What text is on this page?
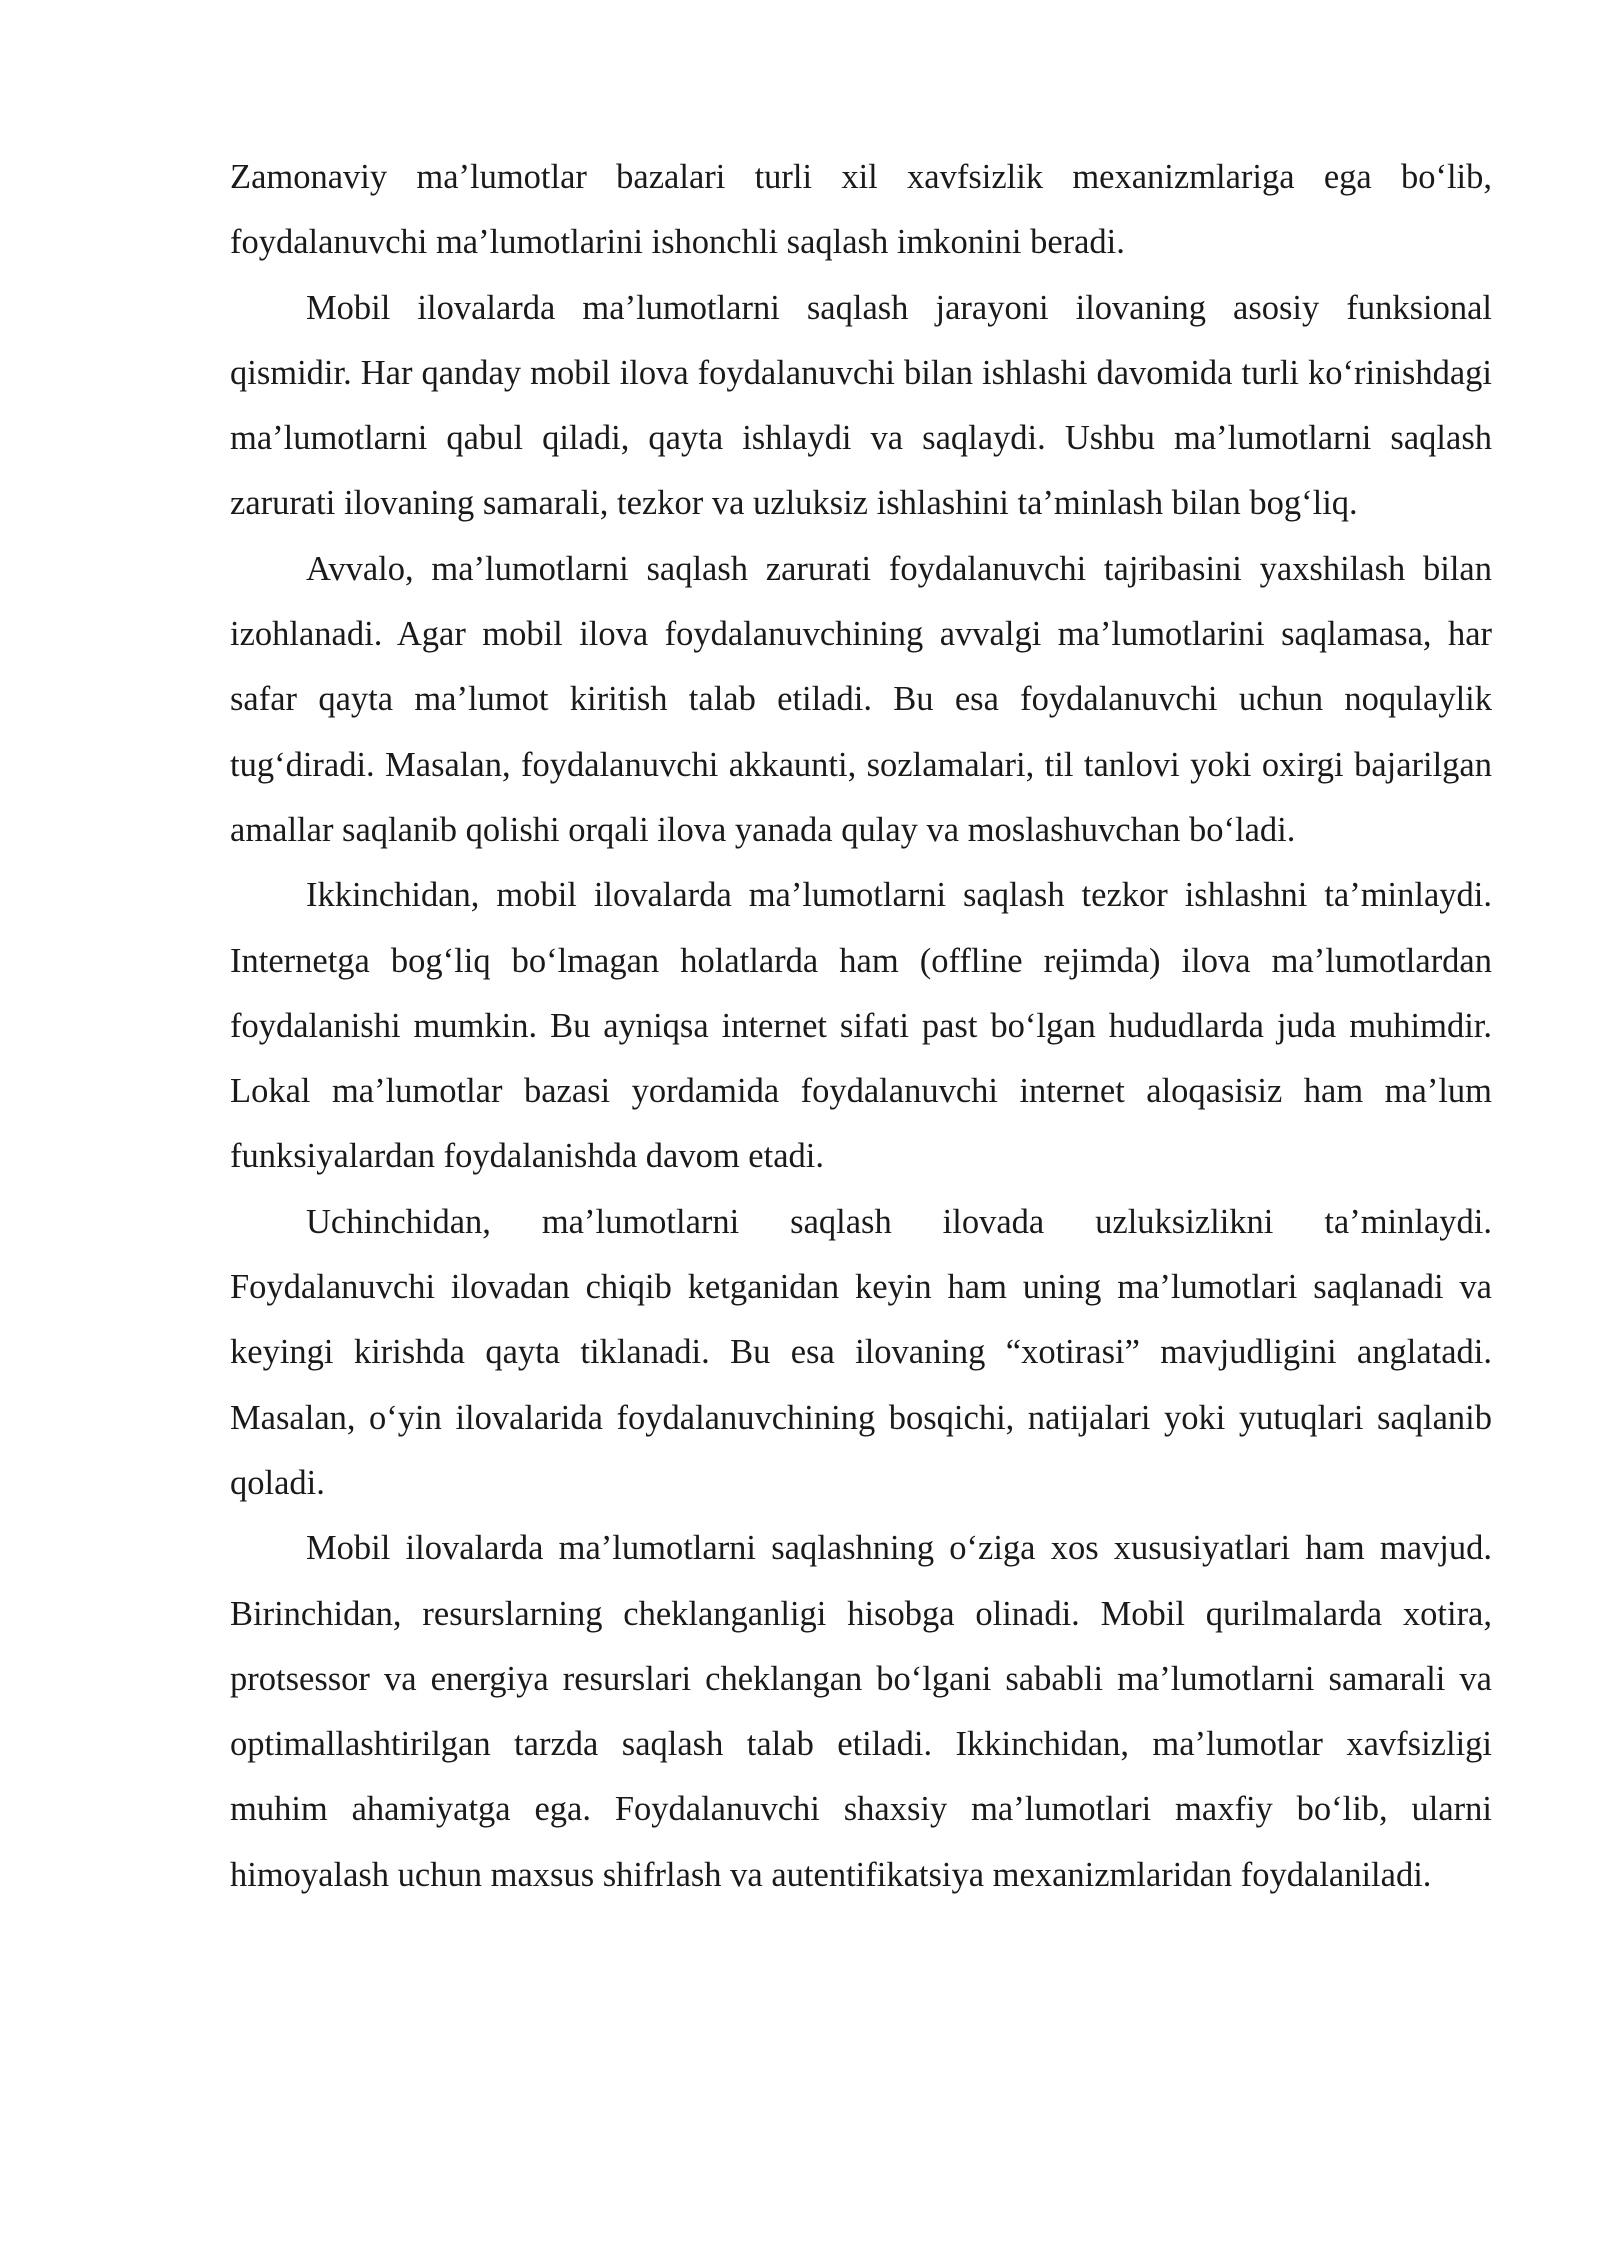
Zamonaviy ma’lumotlar bazalari turli xil xavfsizlik mexanizmlariga ega bo‘lib, foydalanuvchi ma’lumotlarini ishonchli saqlash imkonini beradi.

Mobil ilovalarda ma’lumotlarni saqlash jarayoni ilovaning asosiy funksional qismidir. Har qanday mobil ilova foydalanuvchi bilan ishlashi davomida turli ko‘rinishdagi ma’lumotlarni qabul qiladi, qayta ishlaydi va saqlaydi. Ushbu ma’lumotlarni saqlash zarurati ilovaning samarali, tezkor va uzluksiz ishlashini ta’minlash bilan bog‘liq.

Avvalo, ma’lumotlarni saqlash zarurati foydalanuvchi tajribasini yaxshilash bilan izohlanadi. Agar mobil ilova foydalanuvchining avvalgi ma’lumotlarini saqlamasa, har safar qayta ma’lumot kiritish talab etiladi. Bu esa foydalanuvchi uchun noqulaylik tug‘diradi. Masalan, foydalanuvchi akkaunti, sozlamalari, til tanlovi yoki oxirgi bajarilgan amallar saqlanib qolishi orqali ilova yanada qulay va moslashuvchan bo‘ladi.

Ikkinchidan, mobil ilovalarda ma’lumotlarni saqlash tezkor ishlashni ta’minlaydi. Internetga bog‘liq bo‘lmagan holatlarda ham (offline rejimda) ilova ma’lumotlardan foydalanishi mumkin. Bu ayniqsa internet sifati past bo‘lgan hududlarda juda muhimdir. Lokal ma’lumotlar bazasi yordamida foydalanuvchi internet aloqasisiz ham ma’lum funksiyalardan foydalanishda davom etadi.

Uchinchidan, ma’lumotlarni saqlash ilovada uzluksizlikni ta’minlaydi. Foydalanuvchi ilovadan chiqib ketganidan keyin ham uning ma’lumotlari saqlanadi va keyingi kirishda qayta tiklanadi. Bu esa ilovaning “xotirasi” mavjudligini anglatadi. Masalan, o‘yin ilovalarida foydalanuvchining bosqichi, natijalari yoki yutuqlari saqlanib qoladi.

Mobil ilovalarda ma’lumotlarni saqlashning o‘ziga xos xususiyatlari ham mavjud. Birinchidan, resurslarning cheklanganligi hisobga olinadi. Mobil qurilmalarda xotira, protsessor va energiya resurslari cheklangan bo‘lgani sababli ma’lumotlarni samarali va optimallashtirilgan tarzda saqlash talab etiladi. Ikkinchidan, ma’lumotlar xavfsizligi muhim ahamiyatga ega. Foydalanuvchi shaxsiy ma’lumotlari maxfiy bo‘lib, ularni himoyalash uchun maxsus shifrlash va autentifikatsiya mexanizmlaridan foydalaniladi.
